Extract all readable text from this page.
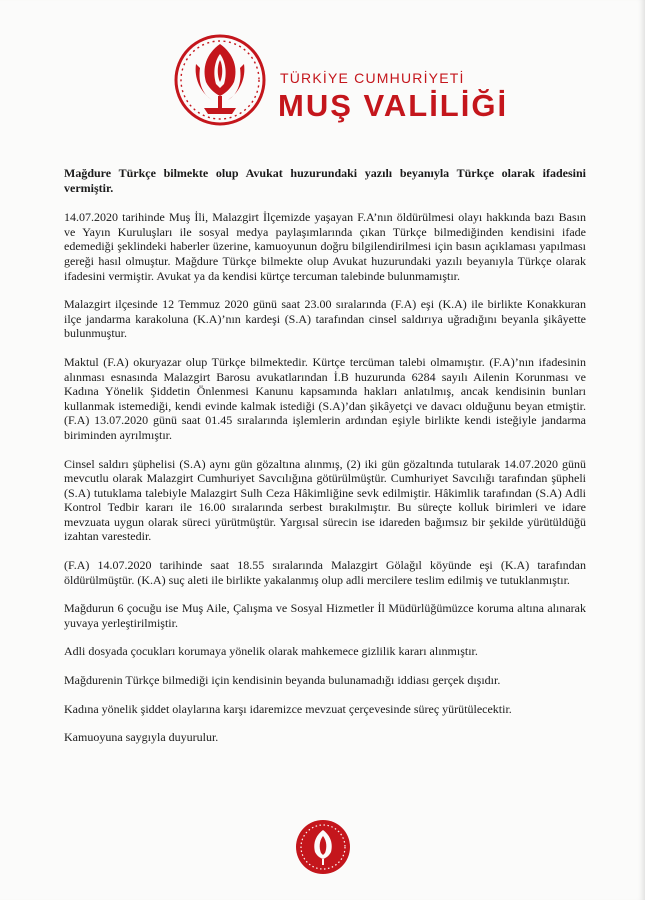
TÜRKİYE CUMHURİYETİ
MUŞ VALİLİĞİ

Mağdure Türkçe bilmekte olup Avukat huzurundaki yazılı beyanıyla Türkçe olarak ifadesini vermiştir.

14.07.2020 tarihinde Muş İli, Malazgirt İlçemizde yaşayan F.A’nın öldürülmesi olayı hakkında bazı Basın ve Yayın Kuruluşları ile sosyal medya paylaşımlarında çıkan Türkçe bilmediğinden kendisini ifade edemediği şeklindeki haberler üzerine, kamuoyunun doğru bilgilendirilmesi için basın açıklaması yapılması gereği hasıl olmuştur. Mağdure Türkçe bilmekte olup Avukat huzurundaki yazılı beyanıyla Türkçe olarak ifadesini vermiştir. Avukat ya da kendisi kürtçe tercuman talebinde bulunmamıştır.

Malazgirt ilçesinde 12 Temmuz 2020 günü saat 23.00 sıralarında (F.A) eşi (K.A) ile birlikte Konakkuran ilçe jandarma karakoluna (K.A)’nın kardeşi (S.A) tarafından cinsel saldırıya uğradığını beyanla şikâyette bulunmuştur.

Maktul (F.A) okuryazar olup Türkçe bilmektedir. Kürtçe tercüman talebi olmamıştır. (F.A)’nın ifadesinin alınması esnasında Malazgirt Barosu avukatlarından İ.B huzurunda 6284 sayılı Ailenin Korunması ve Kadına Yönelik Şiddetin Önlenmesi Kanunu kapsamında hakları anlatılmış, ancak kendisinin bunları kullanmak istemediği, kendi evinde kalmak istediği (S.A)’dan şikâyetçi ve davacı olduğunu beyan etmiştir. (F.A) 13.07.2020 günü saat 01.45 sıralarında işlemlerin ardından eşiyle birlikte kendi isteğiyle jandarma biriminden ayrılmıştır.

Cinsel saldırı şüphelisi (S.A) aynı gün gözaltına alınmış, (2) iki gün gözaltında tutularak 14.07.2020 günü mevcutlu olarak Malazgirt Cumhuriyet Savcılığına götürülmüştür. Cumhuriyet Savcılığı tarafından şüpheli (S.A) tutuklama talebiyle Malazgirt Sulh Ceza Hâkimliğine sevk edilmiştir. Hâkimlik tarafından (S.A) Adli Kontrol Tedbir kararı ile 16.00 sıralarında serbest bırakılmıştır. Bu süreçte kolluk birimleri ve idare mevzuata uygun olarak süreci yürütmüştür. Yargısal sürecin ise idareden bağımsız bir şekilde yürütüldüğü izahtan varestedir.

(F.A) 14.07.2020 tarihinde saat 18.55 sıralarında Malazgirt Gölağıl köyünde eşi (K.A) tarafından öldürülmüştür. (K.A) suç aleti ile birlikte yakalanmış olup adli mercilere teslim edilmiş ve tutuklanmıştır.

Mağdurun 6 çocuğu ise Muş Aile, Çalışma ve Sosyal Hizmetler İl Müdürlüğümüzce koruma altına alınarak yuvaya yerleştirilmiştir.

Adli dosyada çocukları korumaya yönelik olarak mahkemece gizlilik kararı alınmıştır.

Mağdurenin Türkçe bilmediği için kendisinin beyanda bulunamadığı iddiası gerçek dışıdır.

Kadına yönelik şiddet olaylarına karşı idaremizce mevzuat çerçevesinde süreç yürütülecektir.

Kamuoyuna saygıyla duyurulur.
